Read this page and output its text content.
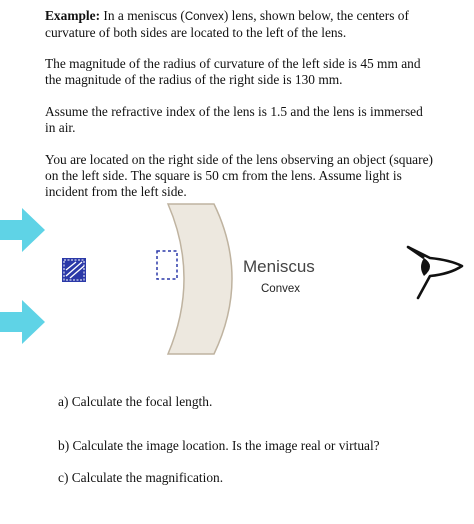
Example: In a meniscus (Convex) lens, shown below, the centers of curvature of both sides are located to the left of the lens.

The magnitude of the radius of curvature of the left side is 45 mm and the magnitude of the radius of the right side is 130 mm.

Assume the refractive index of the lens is 1.5 and the lens is immersed in air.

You are located on the right side of the lens observing an object (square) on the left side. The square is 50 cm from the lens. Assume light is incident from the left side.

Meniscus
Convex

a) Calculate the focal length.

b) Calculate the image location. Is the image real or virtual?

c) Calculate the magnification.
